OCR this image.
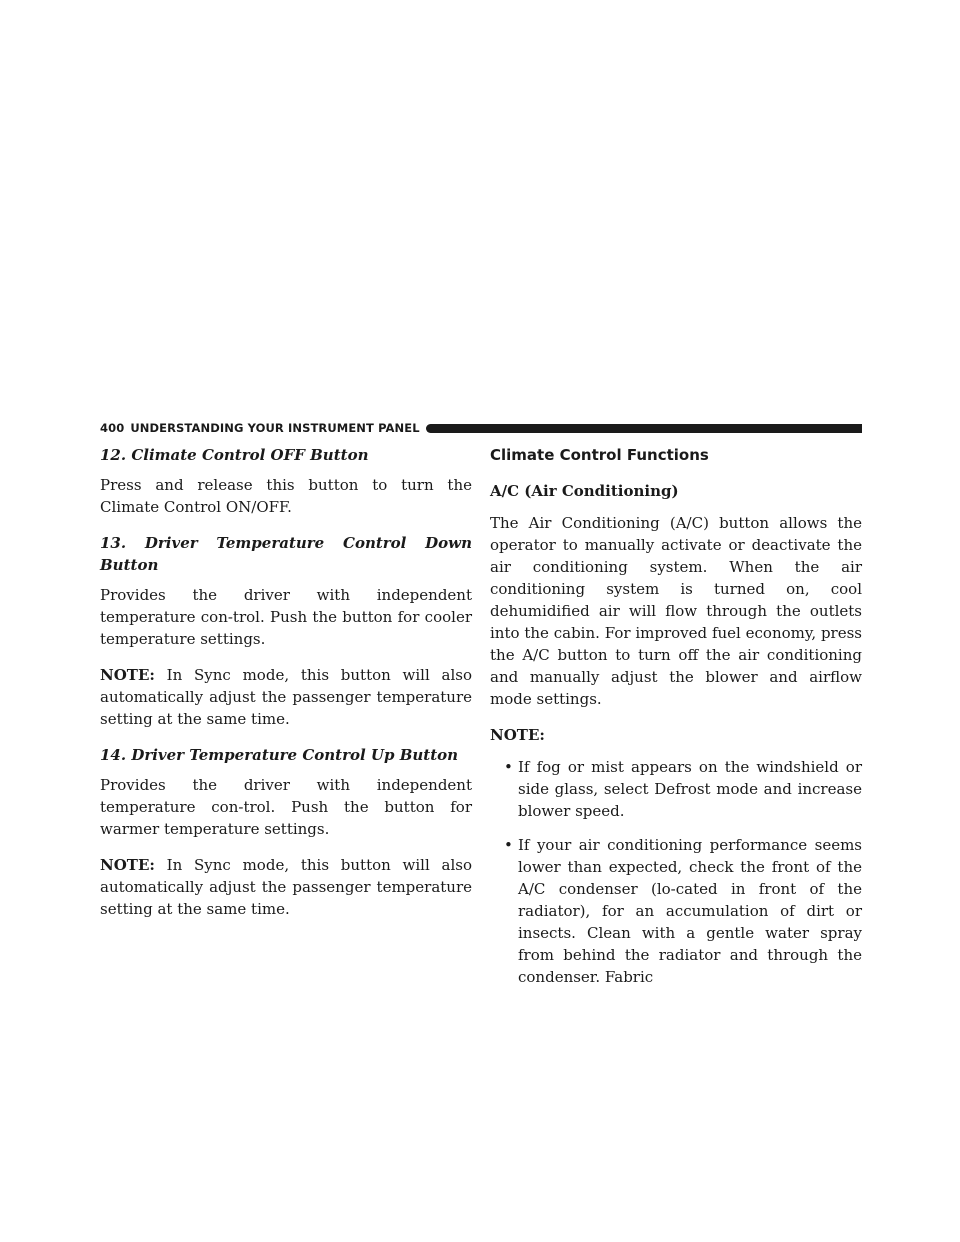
400 UNDERSTANDING YOUR INSTRUMENT PANEL

12. Climate Control OFF Button

Press and release this button to turn the Climate Control ON/OFF.

13. Driver Temperature Control Down Button

Provides the driver with independent temperature con-trol. Push the button for cooler temperature settings.

NOTE: In Sync mode, this button will also automatically adjust the passenger temperature setting at the same time.

14. Driver Temperature Control Up Button

Provides the driver with independent temperature con-trol. Push the button for warmer temperature settings.

NOTE: In Sync mode, this button will also automatically adjust the passenger temperature setting at the same time.

Climate Control Functions

A/C (Air Conditioning)

The Air Conditioning (A/C) button allows the operator to manually activate or deactivate the air conditioning system. When the air conditioning system is turned on, cool dehumidified air will flow through the outlets into the cabin. For improved fuel economy, press the A/C button to turn off the air conditioning and manually adjust the blower and airflow mode settings.

NOTE:

• If fog or mist appears on the windshield or side glass, select Defrost mode and increase blower speed.
• If your air conditioning performance seems lower than expected, check the front of the A/C condenser (lo-cated in front of the radiator), for an accumulation of dirt or insects. Clean with a gentle water spray from behind the radiator and through the condenser. Fabric
